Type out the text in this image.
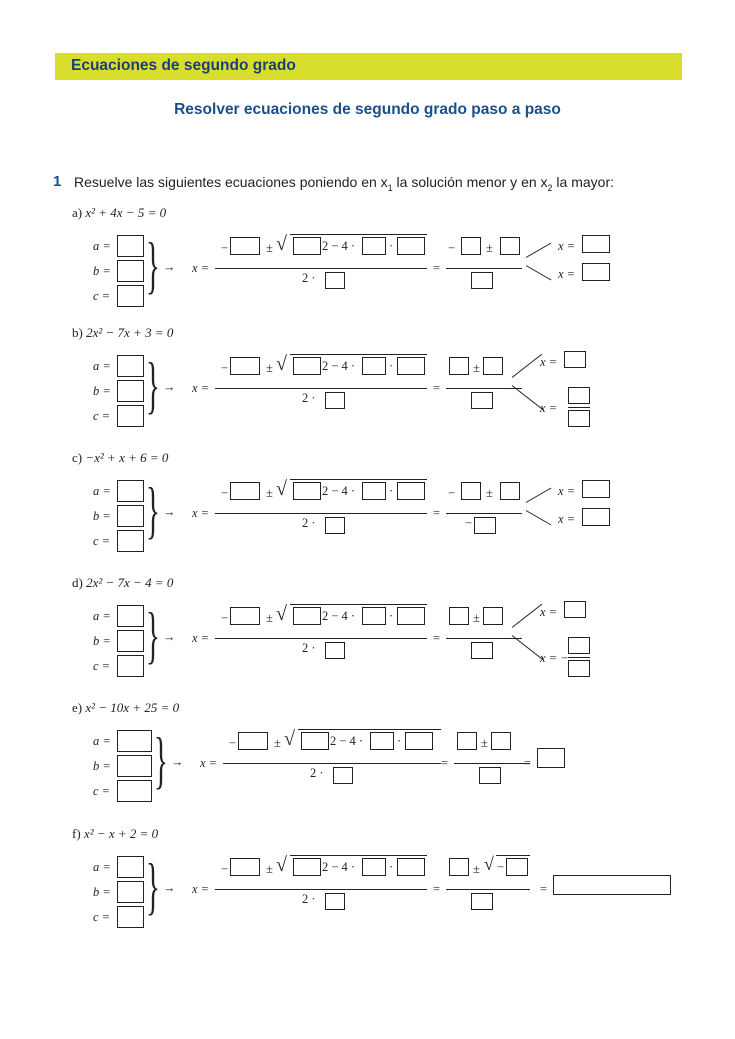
Ecuaciones de segundo grado
Resolver ecuaciones de segundo grado paso a paso
1 Resuelve las siguientes ecuaciones poniendo en $x_1$ la solución menor y en $x_2$ la mayor:
a) x² + 4x − 5 = 0
a =
b =
c = } → x =
−	± √	2 − 4 ·	·
2 ·
=
− ±	x =
x =
b) 2x² − 7x + 3 = 0
a =
b =
c = } → x =
−	± √	2 − 4 ·	·
2 ·
=
±	x =
x =
c) −x² + x + 6 = 0
a =
b =
c = } → x =
−	± √	2 − 4 ·	·
2 ·
=
− ±
−
x =
x =
d) 2x² − 7x − 4 = 0
a =
b =
c = } → x =
−	± √	2 − 4 ·	·
2 ·
=
±	x =
x = −
e) x² − 10x + 25 = 0
a =
b =
c = } → x =
−	± √	2 − 4 ·	·
2 ·
=
±
=
f) x² − x + 2 = 0
a =
b =
c = } → x =
−	± √	2 − 4 ·	·
2 ·
=
± √ −
=
